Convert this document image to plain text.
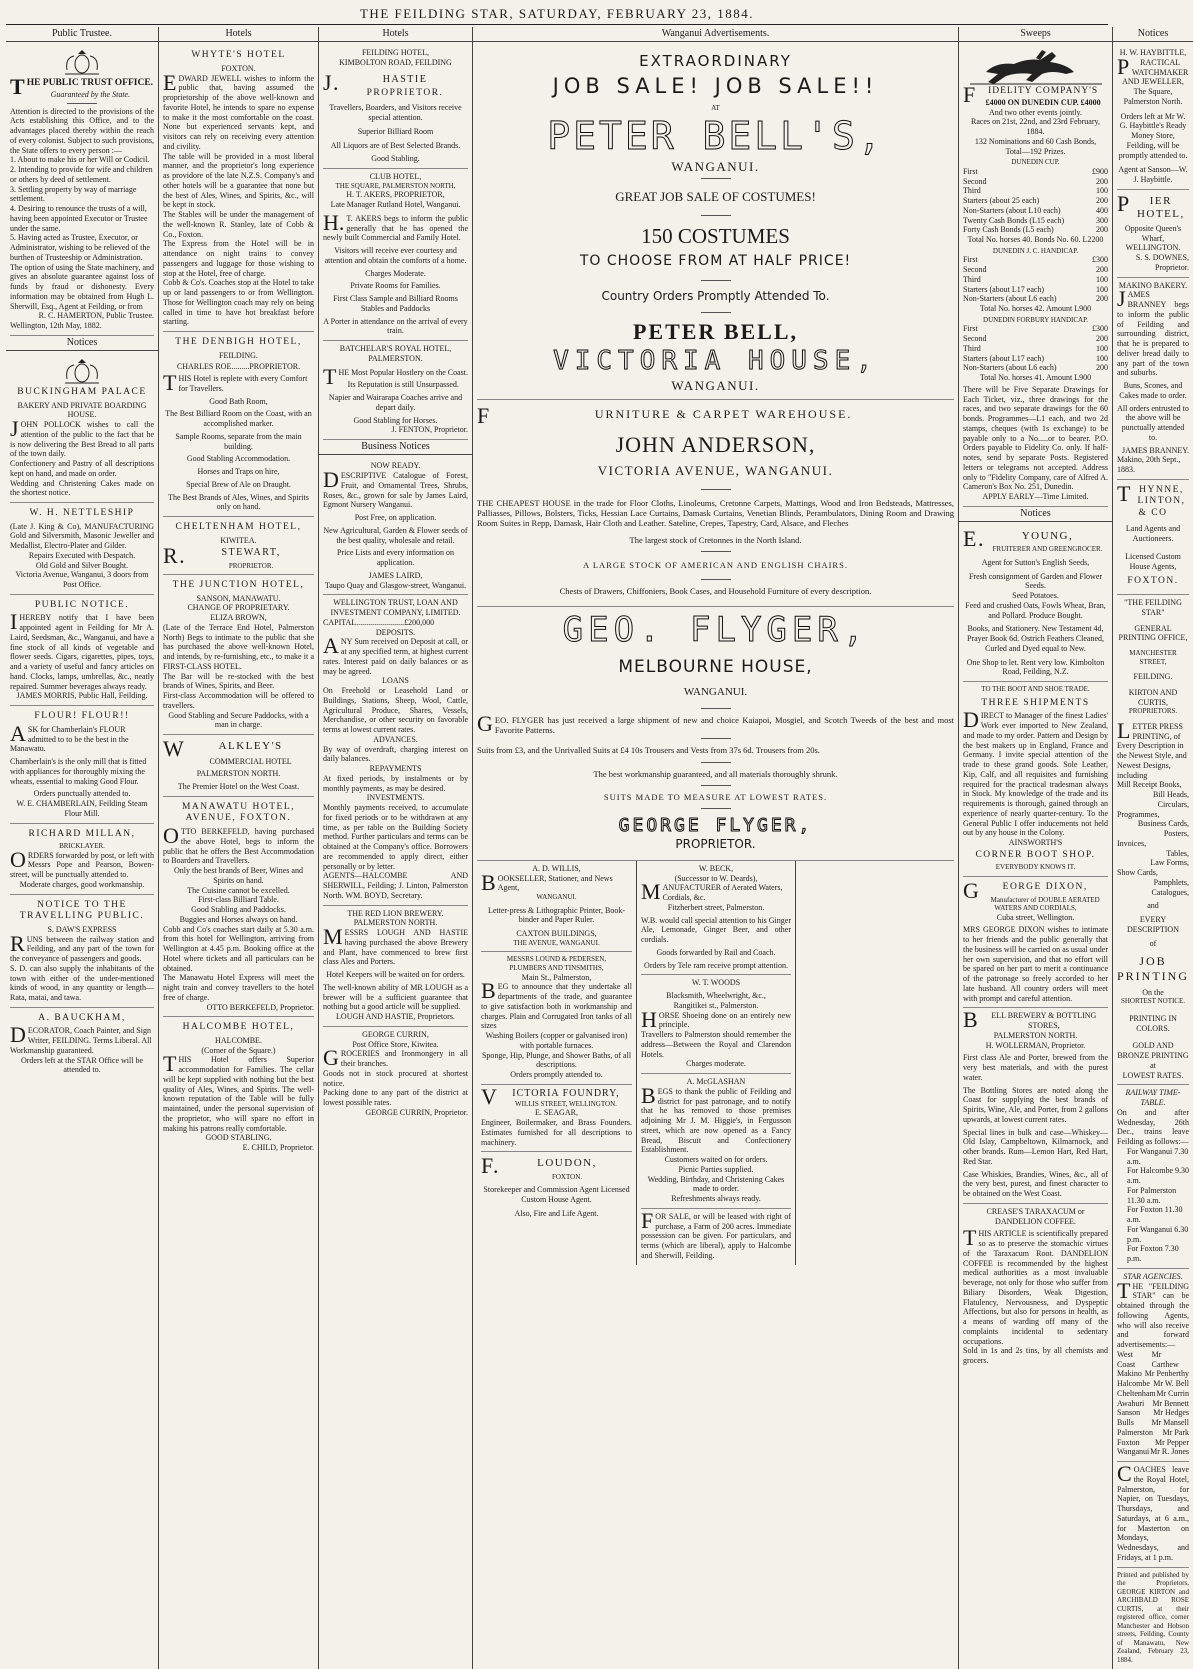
THE FEILDING STAR, SATURDAY, FEBRUARY 23, 1884.
Public Trustee.
THE PUBLIC TRUST OFFICE.
Guaranteed by the State.
Attention is directed to the provisions of the Acts establishing this Office, and to the advantages placed thereby within the reach of every colonist. Subject to such provisions, the State offers to every person :—
1. About to make his or her Will or Codicil.
2. Intending to provide for wife and children or others by deed of settlement.
3. Settling property by way of marriage settlement.
4. Desiring to renounce the trusts of a will, having been appointed Executor or Trustee under the same.
5. Having acted as Trustee, Executor, or Administrator, wishing to be relieved of the burthen of Trusteeship or Administration.
The option of using the State machinery, and gives an absolute guarantee against loss of funds by fraud or dishonesty. Every information may be obtained from Hugh L. Sherwill, Esq., Agent at Feilding, or from
R. C. HAMERTON, Public Trustee.
Wellington, 12th May, 1882.
Notices
BUCKINGHAM PALACE
BAKERY AND PRIVATE BOARDING HOUSE.
JOHN POLLOCK wishes to call the attention of the public to the fact that he is now delivering the Best Bread to all parts of the town daily.
Confectionery and Pastry of all descriptions kept on hand, and made on order.
Wedding and Christening Cakes made on the shortest notice.
W. H. NETTLESHIP
(Late J. King & Co), MANUFACTURING Gold and Silversmith, Masonic Jeweller and Medallist, Electro-Plater and Gilder.
Repairs Executed with Despatch.
Old Gold and Silver Bought.
Victoria Avenue, Wanganui, 3 doors from Post Office.
PUBLIC NOTICE.
IHEREBY notify that I have been appointed agent in Feilding for Mr A. Laird, Seedsman, &c., Wanganui, and have a fine stock of all kinds of vegetable and flower seeds. Cigars, cigarettes, pipes, toys, and a variety of useful and fancy articles on hand. Clocks, lamps, umbrellas, &c., neatly repaired. Summer beverages always ready.
JAMES MORRIS, Public Hall, Feilding.
FLOUR! FLOUR!!
ASK for Chamberlain's FLOUR admitted to to be the best in the Manawatu.
Chamberlain's is the only mill that is fitted with appliances for thoroughly mixing the wheats, essential to making Good Flour.
Orders punctually attended to.
W. E. CHAMBERLAIN, Feilding Steam Flour Mill.
RICHARD MILLAN,
BRICKLAYER.
ORDERS forwarded by post, or left with Messrs Pope and Pearson, Bowen-street, will be punctually attended to.
Moderate charges, good workmanship.
NOTICE TO THE TRAVELLING PUBLIC.
S. DAW'S EXPRESS
RUNS between the railway station and Feilding, and any part of the town for the conveyance of passengers and goods.
S. D. can also supply the inhabitants of the town with either of the under-mentioned kinds of wood, in any quantity or length—Rata, matai, and tawa.
A. BAUCKHAM,
DECORATOR, Coach Painter, and Sign Writer, FEILDING. Terms Liberal. All Workmanship guaranteed.
Orders left at the STAR Office will be attended to.
Hotels
WHYTE'S HOTEL
FOXTON.
EDWARD JEWELL wishes to inform the public that, having assumed the proprietorship of the above well-known and favorite Hotel, he intends to spare no expense to make it the most comfortable on the coast. None but experienced servants kept, and visitors can rely on receiving every attention and civility.
The table will be provided in a most liberal manner, and the proprietor's long experience as providore of the late N.Z.S. Company's and other hotels will be a guarantee that none but the best of Ales, Wines, and Spirits, &c., will be kept in stock.
The Stables will be under the management of the well-known R. Stanley, late of Cobb & Co., Foxton.
The Express from the Hotel will be in attendance on night trains to convey passengers and luggage for those wishing to stop at the Hotel, free of charge.
Cobb & Co's. Coaches stop at the Hotel to take up or land passengers to or from Wellington. Those for Wellington coach may rely on being called in time to have hot breakfast before starting.
THE DENBIGH HOTEL,
FEILDING.
CHARLES ROE.........PROPRIETOR.
THIS Hotel is replete with every Comfort for Travellers.
Good Bath Room,
The Best Billiard Room on the Coast, with an accomplished marker.
Sample Rooms, separate from the main building.
Good Stabling Accommodation.
Horses and Traps on hire,
Special Brew of Ale on Draught.
The Best Brands of Ales, Wines, and Spirits only on hand.
CHELTENHAM HOTEL,
KIWITEA.
R.STEWART,
PROPRIETOR.
THE JUNCTION HOTEL,
SANSON, MANAWATU.
CHANGE OF PROPRIETARY.
ELIZA BROWN,
(Late of the Terrace End Hotel, Palmerston North) Begs to intimate to the public that she has purchased the above well-known Hotel, and intends, by re-furnishing, etc., to make it a FIRST-CLASS HOTEL.
The Bar will be re-stocked with the best brands of Wines, Spirits, and Beer.
First-class Accommodation will be offered to travellers.
Good Stabling and Secure Paddocks, with a man in charge.
WALKLEY'S
COMMERCIAL HOTEL
PALMERSTON NORTH.
The Premier Hotel on the West Coast.
MANAWATU HOTEL, AVENUE, FOXTON.
OTTO BERKEFELD, having purchased the above Hotel, begs to inform the public that he offers the Best Accommodation to Boarders and Travellers.
Only the best brands of Beer, Wines and Spirits on hand.
The Cuisine cannot be excelled.
First-class Billiard Table.
Good Stabling and Paddocks.
Buggies and Horses always on hand.
Cobb and Co's coaches start daily at 5.30 a.m. from this hotel for Wellington, arriving from Wellington at 4.45 p.m. Booking office at the Hotel where tickets and all particulars can be obtained.
The Manawatu Hotel Express will meet the night train and convey travellers to the hotel free of charge.
OTTO BERKEFELD, Proprietor.
HALCOMBE HOTEL,
HALCOMBE.
(Corner of the Square.)
THIS Hotel offers Superior accommodation for Families. The cellar will be kept supplied with nothing but the best quality of Ales, Wines, and Spirits. The well-known reputation of the Table will be fully maintained, under the personal supervision of the proprietor, who will spare no effort in making his patrons really comfortable.
GOOD STABLING.
E. CHILD, Proprietor.
Hotels
FEILDING HOTEL,
KIMBOLTON ROAD, FEILDING
J.HASTIE
PROPRIETOR.
Travellers, Boarders, and Visitors receive special attention.
Superior Billiard Room
All Liquors are of Best Selected Brands.
Good Stabling.
CLUB HOTEL,
THE SQUARE, PALMERSTON NORTH,
H. T. AKERS, PROPRIETOR,
Late Manager Rutland Hotel, Wanganui.
H.T. AKERS begs to inform the public generally that he has opened the newly built Commercial and Family Hotel.
Visitors will receive ever courtesy and attention and obtain the comforts of a home.
Charges Moderate.
Private Rooms for Families.
First Class Sample and Billiard Rooms Stables and Paddocks
A Porter in attendance on the arrival of every train.
BATCHELAR'S ROYAL HOTEL,
PALMERSTON.
THE Most Popular Hostlery on the Coast.
Its Reputation is still Unsurpassed.
Napier and Wairarapa Coaches arrive and depart daily.
Good Stabling for Horses.
J. FENTON, Proprietor.
Business Notices
NOW READY.
DESCRIPTIVE Catalogue of Forest, Fruit, and Ornamental Trees, Shrubs, Roses, &c., grown for sale by James Laird, Egmont Nursery Wanganui.
Post Free, on application.
New Agricultural, Garden & Flower seeds of the best quality, wholesale and retail.
Price Lists and every information on application.
JAMES LAIRD,
Taupo Quay and Glasgow-street, Wanganui.
WELLINGTON TRUST, LOAN AND INVESTMENT COMPANY, LIMITED.
CAPITAL........................£200,000
DEPOSITS.
ANY Sum received on Deposit at call, or at any specified term, at highest current rates. Interest paid on daily balances or as may be agreed.
LOANS
On Freehold or Leasehold Land or Buildings, Stations, Sheep, Wool, Cattle, Agricultural Produce, Shares, Vessels, Merchandise, or other security on favorable terms at lowest current rates.
ADVANCES.
By way of overdraft, charging interest on daily balances.
REPAYMENTS
At fixed periods, by instalments or by monthly payments, as may be desired.
INVESTMENTS.
Monthly payments received, to accumulate for fixed periods or to be withdrawn at any time, as per table on the Building Society method. Further particulars and terms can be obtained at the Company's office. Borrowers are recommended to apply direct, either personally or by letter.
AGENTS—HALCOMBE AND SHERWILL, Feilding; J. Linton, Palmerston North. WM. BOYD, Secretary.
THE RED LION BREWERY.
PALMERSTON NORTH.
MESSRS LOUGH AND HASTIE having purchased the above Brewery and Plant, have commenced to brew first class Ales and Porters.
Hotel Keepers will be waited on for orders.
The well-known ability of MR LOUGH as a brewer will be a sufficient guarantee that nothing but a good article will be supplied.
LOUGH AND HASTIE, Proprietors.
GEORGE CURRIN,
Post Office Store, Kiwitea.
GROCERIES and Ironmongery in all their branches.
Goods not in stock procured at shortest notice.
Packing done to any part of the district at lowest possible rates.
GEORGE CURRIN, Proprietor.
Wanganui Advertisements.
EXTRAORDINARY
JOB SALE! JOB SALE!!
AT
PETER BELL'S,
WANGANUI.
GREAT JOB SALE OF COSTUMES!
150 COSTUMES
TO CHOOSE FROM AT HALF PRICE!
Country Orders Promptly Attended To.
PETER BELL,
VICTORIA HOUSE,
WANGANUI.
FURNITURE & CARPET WAREHOUSE.
JOHN ANDERSON,
VICTORIA AVENUE, WANGANUI.
THE CHEAPEST HOUSE in the trade for Floor Cloths, Linoleums, Cretonne Carpets, Mattings, Wood and Iron Bedsteads, Mattresses, Palliasses, Pillows, Bolsters, Ticks, Hessian Lace Curtains, Damask Curtains, Venetian Blinds, Perambulators, Dining Room and Drawing Room Suites in Repp, Damask, Hair Cloth and Leather. Sateline, Crepes, Tapestry, Card, Alsace, and Fleches
The largest stock of Cretonnes in the North Island.
A LARGE STOCK OF AMERICAN AND ENGLISH CHAIRS.
Chests of Drawers, Chiffoniers, Book Cases, and Household Furniture of every description.
GEO. FLYGER,
MELBOURNE HOUSE,
WANGANUI.
GEO. FLYGER has just received a large shipment of new and choice Kaiapoi, Mosgiel, and Scotch Tweeds of the best and most Favorite Patterns.
Suits from £3, and the Unrivalled Suits at £4 10s Trousers and Vests from 37s 6d. Trousers from 20s.
The best workmanship guaranteed, and all materials thoroughly shrunk.
SUITS MADE TO MEASURE AT LOWEST RATES.
GEORGE FLYGER,
PROPRIETOR.
A. D. WILLIS,
BOOKSELLER, Stationer, and News Agent,
WANGANUI.
Letter-press & Lithographic Printer, Book-binder and Paper Ruler.
CAXTON BUILDINGS,
THE AVENUE, WANGANUI.
MESSRS LOUND & PEDERSEN,
PLUMBERS AND TINSMITHS,
Main St., Palmerston,
BEG to announce that they undertake all departments of the trade, and guarantee to give satisfaction both in workmanship and charges. Plain and Corrugated Iron tanks of all sizes
Washing Boilers (copper or galvanised iron) with portable furnaces.
Sponge, Hip, Plunge, and Shower Baths, of all descriptions.
Orders promptly attended to.
VICTORIA FOUNDRY,
WILLIS STREET, WELLINGTON.
E. SEAGAR,
Engineer, Boilermaker, and Brass Founders. Estimates furnished for all descriptions to machinery.
F.LOUDON,
FOXTON.
Storekeeper and Commission Agent Licensed Custom House Agent.
Also, Fire and Life Agent.
W. BECK,
(Successor to W. Deards),
MANUFACTURER of Aerated Waters, Cordials, &c.
Fitzherbert street, Palmerston.
W.B. would call special attention to his Ginger Ale, Lemonade, Ginger Beer, and other cordials.
Goods forwarded by Rail and Coach.
Orders by Tele ram receive prompt attention.
W. T. WOODS
Blacksmith, Wheelwright, &c.,
Rangitikei st., Palmerston.
HORSE Shoeing done on an entirely new principle.
Travellers to Palmerston should remember the address—Between the Royal and Clarendon Hotels.
Charges moderate.
A. McGLASHAN
BEGS to thank the public of Feilding and district for past patronage, and to notify that he has removed to those premises adjoining Mr J. M. Higgie's, in Fergusson street, which are now opened as a Fancy Bread, Biscuit and Confectionery Establishment.
Customers waited on for orders.
Picnic Parties supplied.
Wedding, Birthday, and Christening Cakes made to order.
Refreshments always ready.
FOR SALE, or will be leased with right of purchase, a Farm of 200 acres. Immediate possession can be given. For particulars, and terms (which are liberal), apply to Halcombe and Sherwill, Feilding.
Sweeps
FIDELITY COMPANY'S
£4000 ON DUNEDIN CUP. £4000
And two other events jointly.
Races on 21st, 22nd, and 23rd February, 1884.
132 Nominations and 60 Cash Bonds,
Total—192 Prizes.
DUNEDIN CUP.
First	£900
Second	200
Third	100
Starters (about 25 each)	200
Non-Starters (about L10 each)	400
Twenty Cash Bonds (L15 each)	300
Forty Cash Bonds (L5 each)	200
Total No. horses 40. Bonds No. 60. L2200
DUNEDIN J. C. HANDICAP.
First	£300
Second	200
Third	100
Starters (about L17 each)	100
Non-Starters (about L6 each)	200
Total No. horses 42. Amount L900
DUNEDIN FORBURY HANDICAP.
First	£300
Second	200
Third	100
Starters (about L17 each)	100
Non-Starters (about L6 each)	200
Total No. horses 41. Amount L900
There will be Five Separate Drawings for Each Ticket, viz., three drawings for the races, and two separate drawings for the 60 bonds. Programmes—L1 each, and two 2d stamps, cheques (with 1s exchange) to be payable only to a No.....or to bearer. P.O. Orders payable to Fidelity Co. only. If half-notes, send by separate Posts. Registered letters or telegrams not accepted. Address only to "Fidelity Company, care of Alfred A. Cameron's Box No. 251, Dunedin.
APPLY EARLY—Time Limited.
Notices
E.YOUNG,
FRUITERER AND GREENGROCER.
Agent for Sutton's English Seeds,
Fresh consignment of Garden and Flower Seeds.
Seed Potatoes.
Feed and crushed Oats, Fowls Wheat, Bran, and Pollard. Produce Bought.
Books, and Stationery. New Testament 4d, Prayer Book 6d. Ostrich Feathers Cleaned, Curled and Dyed equal to New.
One Shop to let. Rent very low. Kimbolton Road, Feilding, N.Z.
TO THE BOOT AND SHOE TRADE.
THREE SHIPMENTS
DIRECT to Manager of the finest Ladies' Work ever imported to New Zealand, and made to my order. Pattern and Design by the best makers up in England, France and Germany. I invite special attention of the trade to these grand goods. Sole Leather, Kip, Calf, and all requisites and furnishing required for the practical tradesman always in Stock. My knowledge of the trade and its requirements is thorough, gained through an experience of nearly quarter-century. To the General Public I offer inducements not held out by any house in the Colony.
AINSWORTH'S
CORNER BOOT SHOP.
EVERYBODY KNOWS IT.
GEORGE DIXON,
Manufacturer of DOUBLE AERATED WATERS AND CORDIALS,
Cuba street, Wellington.
MRS GEORGE DIXON wishes to intimate to her friends and the public generally that the business will be carried on as usual under her own supervision, and that no effort will be spared on her part to merit a continuance of the patronage so freely accorded to her late husband. All country orders will meet with prompt and careful attention.
BELL BREWERY & BOTTLING STORES,
PALMERSTON NORTH.
H. WOLLERMAN, Proprietor.
First class Ale and Porter, brewed from the very best materials, and with the purest water.
The Bottling Stores are noted along the Coast for supplying the best brands of Spirits, Wine, Ale, and Porter, from 2 gallons upwards, at lowest current rates.
Special lines in bulk and case—Whiskey—Old Islay, Campbeltown, Kilmarnock, and other brands. Rum—Lemon Hart, Red Hart, Red Star.
Case Whiskies, Brandies, Wines, &c., all of the very best, purest, and finest character to be obtained on the West Coast.
CREASE'S TARAXACUM or DANDELION COFFEE.
THIS ARTICLE is scientifically prepared so as to preserve the stomachic virtues of the Taraxacum Root. DANDELION COFFEE is recommended by the highest medical authorities as a most invaluable beverage, not only for those who suffer from Biliary Disorders, Weak Digestion, Flatulency, Nervousness, and Dyspeptic Affections, but also for persons in health, as a means of warding off many of the complaints incidental to sedentary occupations.
Sold in 1s and 2s tins, by all chemists and grocers.
Notices
H. W. HAYBITTLE,
PRACTICAL WATCHMAKER AND JEWELLER,
The Square, Palmerston North.
Orders left at Mr W. G. Haybittle's Ready Money Store, Feilding, will be promptly attended to.
Agent at Sanson—W. J. Haybittle.
PIER HOTEL,
Opposite Queen's Wharf,
WELLINGTON.
S. S. DOWNES, Proprietor.
MAKINO BAKERY.
JAMES BRANNEY begs to inform the public of Feilding and surrounding district, that he is prepared to deliver bread daily to any part of the town and suburbs.
Buns, Scones, and Cakes made to order.
All orders entrusted to the above will be punctually attended to.
JAMES BRANNEY.
Makino, 20th Sept., 1883.
THYNNE, LINTON, & CO
Land Agents and Auctioneers.
Licensed Custom House Agents,
FOXTON.
"THE FEILDING STAR"
GENERAL PRINTING OFFICE,
MANCHESTER STREET,
FEILDING.
KIRTON AND CURTIS,
PROPRIETORS.
LETTER PRESS PRINTING, of Every Description in the Newest Style, and Newest Designs, including
Mill Receipt Books,
Bill Heads,
Circulars,
Programmes,
Business Cards,
Posters,
Invoices,
Tables,
Law Forms,
Show Cards,
Pamphlets,
Catalogues,
and
EVERY DESCRIPTION
of
JOB PRINTING
On the
SHORTEST NOTICE.
PRINTING IN COLORS.
GOLD AND BRONZE PRINTING
at
LOWEST RATES.
RAILWAY TIME-TABLE.
On and after Wednesday, 26th Dec., trains leave Feilding as follows:—
For Wanganui 7.30 a.m.
For Halcombe 9.30 a.m.
For Palmerston 11.30 a.m.
For Foxton 11.30 a.m.
For Wanganui 6.30 p.m.
For Foxton 7.30 p.m.
STAR AGENCIES.
THE "FEILDING STAR" can be obtained through the following Agents, who will also receive and forward advertisements:—
West Coast
Mr Carthew
Makino Mr Penberthy
Halcombe Mr W. Bell
Cheltenham Mr Currin
Awahuri Mr Bennett
Sanson Mr Hedges
Bulls Mr Mansell
Palmerston Mr Park
Foxton Mr Pepper
Wanganui Mr R. Jones
COACHES leave the Royal Hotel, Palmerston, for Napier, on Tuesdays, Thursdays, and Saturdays, at 6 a.m., for Masterton on Mondays, Wednesdays, and Fridays, at 1 p.m.
Printed and published by the Proprietors, GEORGE KIRTON and ARCHIBALD ROSE CURTIS, at their registered office, corner Manchester and Hobson streets, Feilding, County of Manawatu, New Zealand, February 23, 1884.
